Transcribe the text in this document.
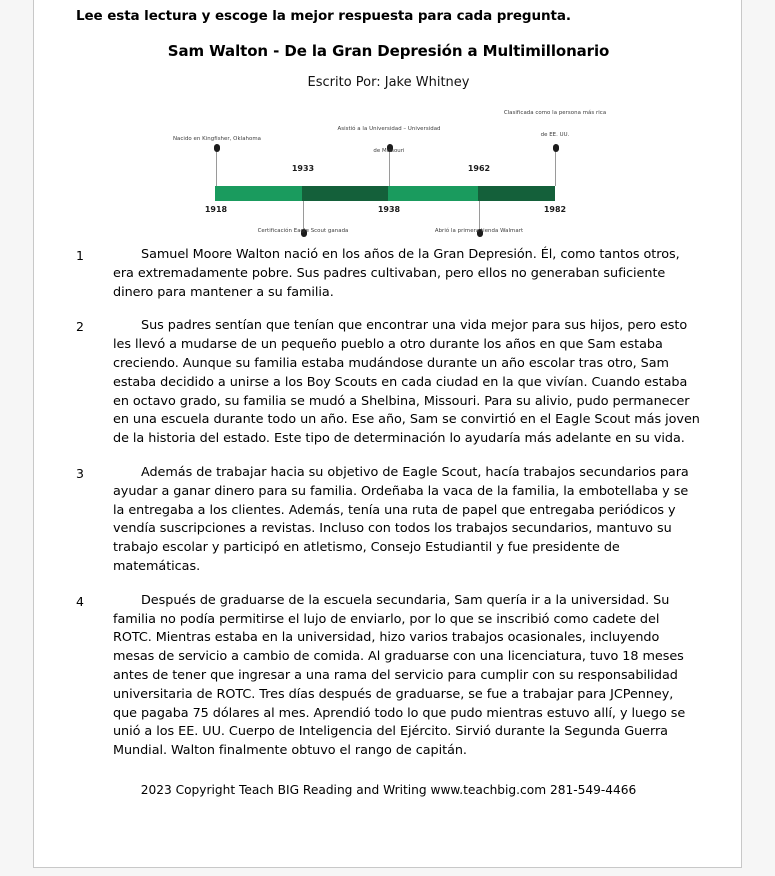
Lee esta lectura y escoge la mejor respuesta para cada pregunta.
Sam Walton - De la Gran Depresión a Multimillonario
Escrito Por: Jake Whitney
1918
Nacido en Kingfisher, Oklahoma
1933
Certificación Eagle Scout ganada
1938
Asistió a la Universidad – Universidad
de Missouri
1962
Abrió la primera tienda Walmart
1982
Clasificada como la persona más rica
de EE. UU.
1	Samuel Moore Walton nació en los años de la Gran Depresión. Él, como tantos otros, era extremadamente pobre. Sus padres cultivaban, pero ellos no generaban suficiente dinero para mantener a su familia.
2	Sus padres sentían que tenían que encontrar una vida mejor para sus hijos, pero esto les llevó a mudarse de un pequeño pueblo a otro durante los años en que Sam estaba creciendo. Aunque su familia estaba mudándose durante un año escolar tras otro, Sam estaba decidido a unirse a los Boy Scouts en cada ciudad en la que vivían. Cuando estaba en octavo grado, su familia se mudó a Shelbina, Missouri. Para su alivio, pudo permanecer en una escuela durante todo un año. Ese año, Sam se convirtió en el Eagle Scout más joven de la historia del estado. Este tipo de determinación lo ayudaría más adelante en su vida.
3	Además de trabajar hacia su objetivo de Eagle Scout, hacía trabajos secundarios para ayudar a ganar dinero para su familia. Ordeñaba la vaca de la familia, la embotellaba y se la entregaba a los clientes. Además, tenía una ruta de papel que entregaba periódicos y vendía suscripciones a revistas. Incluso con todos los trabajos secundarios, mantuvo su trabajo escolar y participó en atletismo, Consejo Estudiantil y fue presidente de matemáticas.
4	Después de graduarse de la escuela secundaria, Sam quería ir a la universidad. Su familia no podía permitirse el lujo de enviarlo, por lo que se inscribió como cadete del ROTC. Mientras estaba en la universidad, hizo varios trabajos ocasionales, incluyendo mesas de servicio a cambio de comida. Al graduarse con una licenciatura, tuvo 18 meses antes de tener que ingresar a una rama del servicio para cumplir con su responsabilidad universitaria de ROTC. Tres días después de graduarse, se fue a trabajar para JCPenney, que pagaba 75 dólares al mes. Aprendió todo lo que pudo mientras estuvo allí, y luego se unió a los EE. UU. Cuerpo de Inteligencia del Ejército. Sirvió durante la Segunda Guerra Mundial. Walton finalmente obtuvo el rango de capitán.
2023 Copyright Teach BIG Reading and Writing www.teachbig.com 281-549-4466
